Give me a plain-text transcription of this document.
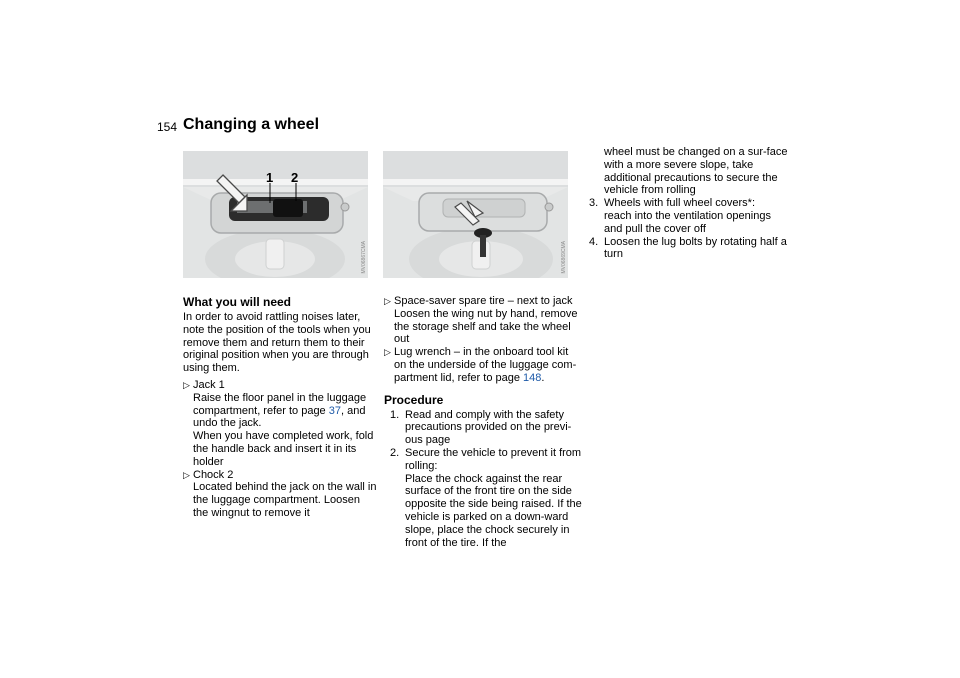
154 Changing a wheel
1 2
MV06867CMA	MV06869CMA
What you will need

In order to avoid rattling noises later, note the position of the tools when you remove them and return them to their original position when you are through using them.

▷ Jack 1
Raise the floor panel in the luggage compartment, refer to page 37, and undo the jack.
When you have completed work, fold the handle back and insert it in its holder
▷ Chock 2
Located behind the jack on the wall in the luggage compartment. Loosen the wingnut to remove it
▷ Space-saver spare tire – next to jack
Loosen the wing nut by hand, remove the storage shelf and take the wheel out
▷ Lug wrench – in the onboard tool kit
on the underside of the luggage com-partment lid, refer to page 148.
Procedure
1. Read and comply with the safety precautions provided on the previ-ous page
2. Secure the vehicle to prevent it from rolling:
Place the chock against the rear surface of the front tire on the side opposite the side being raised. If the vehicle is parked on a down-ward slope, place the chock securely in front of the tire. If the

wheel must be changed on a sur-face with a more severe slope, take additional precautions to secure the vehicle from rolling

3. Wheels with full wheel covers*:
reach into the ventilation openings and pull the cover off
4. Loosen the lug bolts by rotating half a turn
